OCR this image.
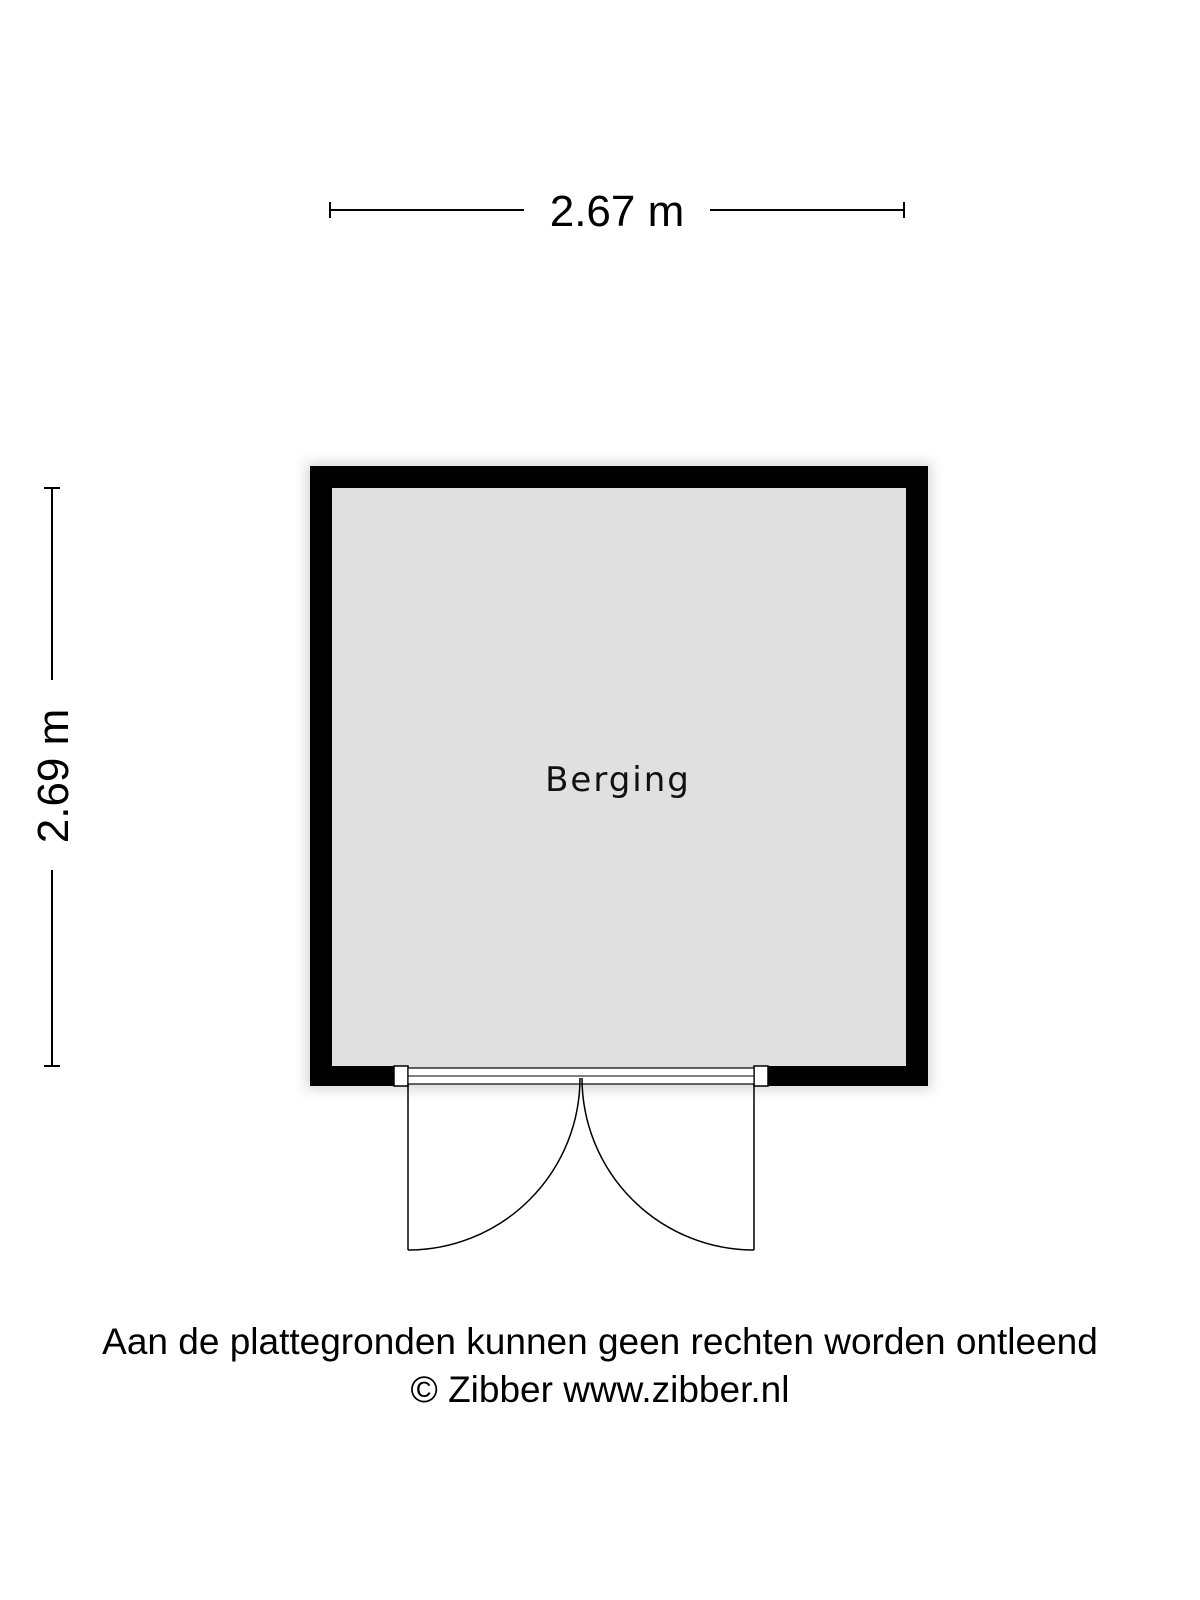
2.67 m
2.69 m	Berging
Aan de plattegronden kunnen geen rechten worden ontleend
© Zibber www.zibber.nl
